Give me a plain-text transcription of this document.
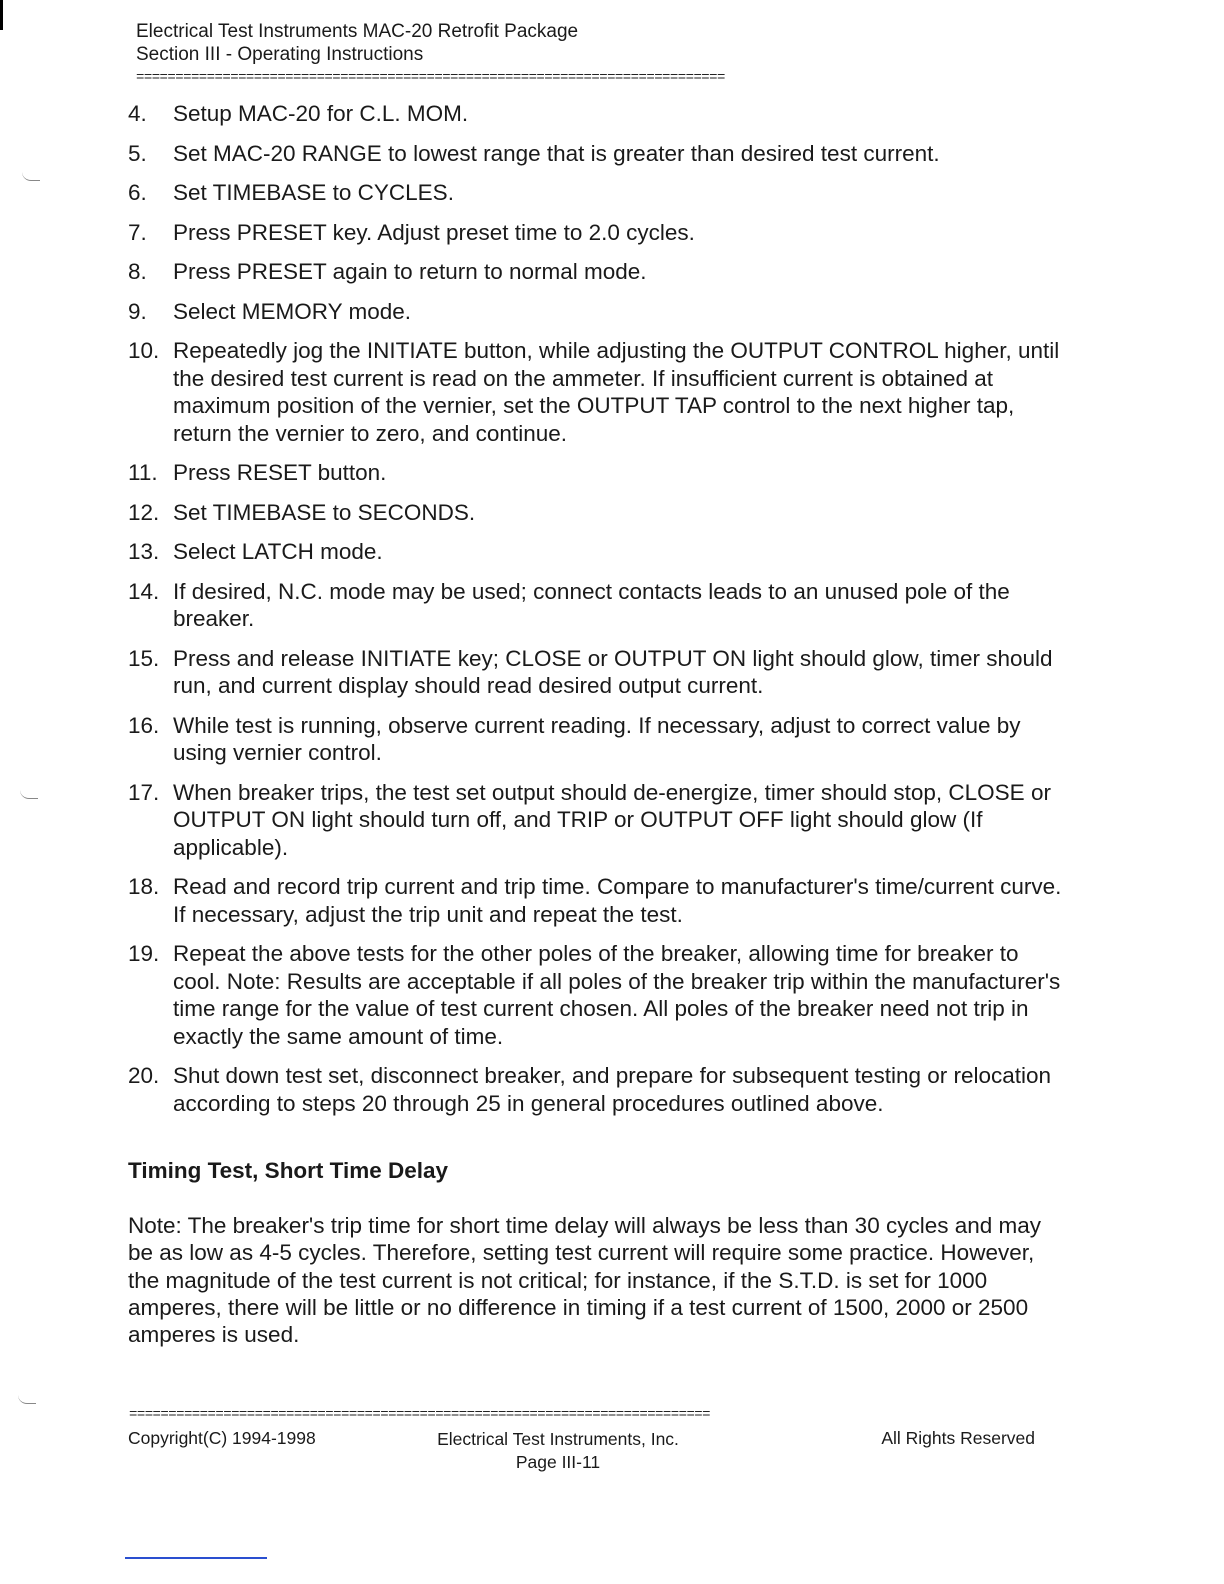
Electrical Test Instruments MAC-20 Retrofit Package
Section III - Operating Instructions
===========================================================================
4.	Setup MAC-20 for C.L. MOM.
5.	Set MAC-20 RANGE to lowest range that is greater than desired test current.
6.	Set TIMEBASE to CYCLES.
7.	Press PRESET key. Adjust preset time to 2.0 cycles.
8.	Press PRESET again to return to normal mode.
9.	Select MEMORY mode.
10. Repeatedly jog the INITIATE button, while adjusting the OUTPUT CONTROL higher, until the desired test current is read on the ammeter. If insufficient current is obtained at maximum position of the vernier, set the OUTPUT TAP control to the next higher tap, return the vernier to zero, and continue.
11. Press RESET button.
12. Set TIMEBASE to SECONDS.
13. Select LATCH mode.
14. If desired, N.C. mode may be used; connect contacts leads to an unused pole of the breaker.
15. Press and release INITIATE key; CLOSE or OUTPUT ON light should glow, timer should run, and current display should read desired output current.
16. While test is running, observe current reading. If necessary, adjust to correct value by using vernier control.
17. When breaker trips, the test set output should de-energize, timer should stop, CLOSE or OUTPUT ON light should turn off, and TRIP or OUTPUT OFF light should glow (If applicable).
18. Read and record trip current and trip time. Compare to manufacturer's time/current curve. If necessary, adjust the trip unit and repeat the test.
19. Repeat the above tests for the other poles of the breaker, allowing time for breaker to cool. Note: Results are acceptable if all poles of the breaker trip within the manufacturer's time range for the value of test current chosen. All poles of the breaker need not trip in exactly the same amount of time.
20. Shut down test set, disconnect breaker, and prepare for subsequent testing or relocation according to steps 20 through 25 in general procedures outlined above.
Timing Test, Short Time Delay

Note: The breaker's trip time for short time delay will always be less than 30 cycles and may be as low as 4-5 cycles. Therefore, setting test current will require some practice. However, the magnitude of the test current is not critical; for instance, if the S.T.D. is set for 1000 amperes, there will be little or no difference in timing if a test current of 1500, 2000 or 2500 amperes is used.

==========================================================================
Copyright(C) 1994-1998	Electrical Test Instruments, Inc.
Page III-11
All Rights Reserved
